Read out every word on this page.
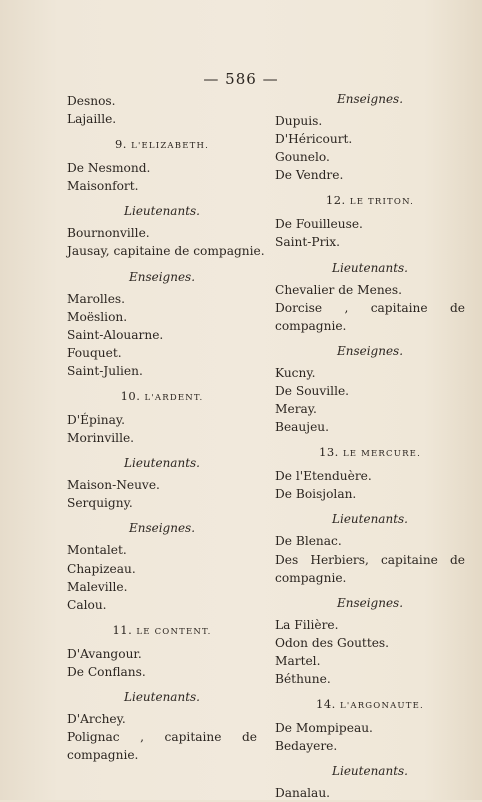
— 586 —
Desnos.
Lajaille.
9. L'ELIZABETH.
De Nesmond.
Maisonfort.
Lieutenants.
Bournonville.
Jausay, capitaine de compagnie.
Enseignes.
Marolles.
Moëslion.
Saint-Alouarne.
Fouquet.
Saint-Julien.
10. L'ARDENT.
D'Épinay.
Morinville.
Lieutenants.
Maison-Neuve.
Serquigny.
Enseignes.
Montalet.
Chapizeau.
Maleville.
Calou.
11. LE CONTENT.
D'Avangour.
De Conflans.
Lieutenants.
D'Archey.
Polignac , capitaine de compagnie.
Enseignes.
Dupuis.
D'Héricourt.
Gounelo.
De Vendre.
12. LE TRITON.
De Fouilleuse.
Saint-Prix.
Lieutenants.
Chevalier de Menes.
Dorcise , capitaine de compagnie.
Enseignes.
Kucny.
De Souville.
Meray.
Beaujeu.
13. LE MERCURE.
De l'Etenduère.
De Boisjolan.
Lieutenants.
De Blenac.
Des Herbiers, capitaine de compagnie.
Enseignes.
La Filière.
Odon des Gouttes.
Martel.
Béthune.
14. L'ARGONAUTE.
De Mompipeau.
Bedayere.
Lieutenants.
Danalau.
